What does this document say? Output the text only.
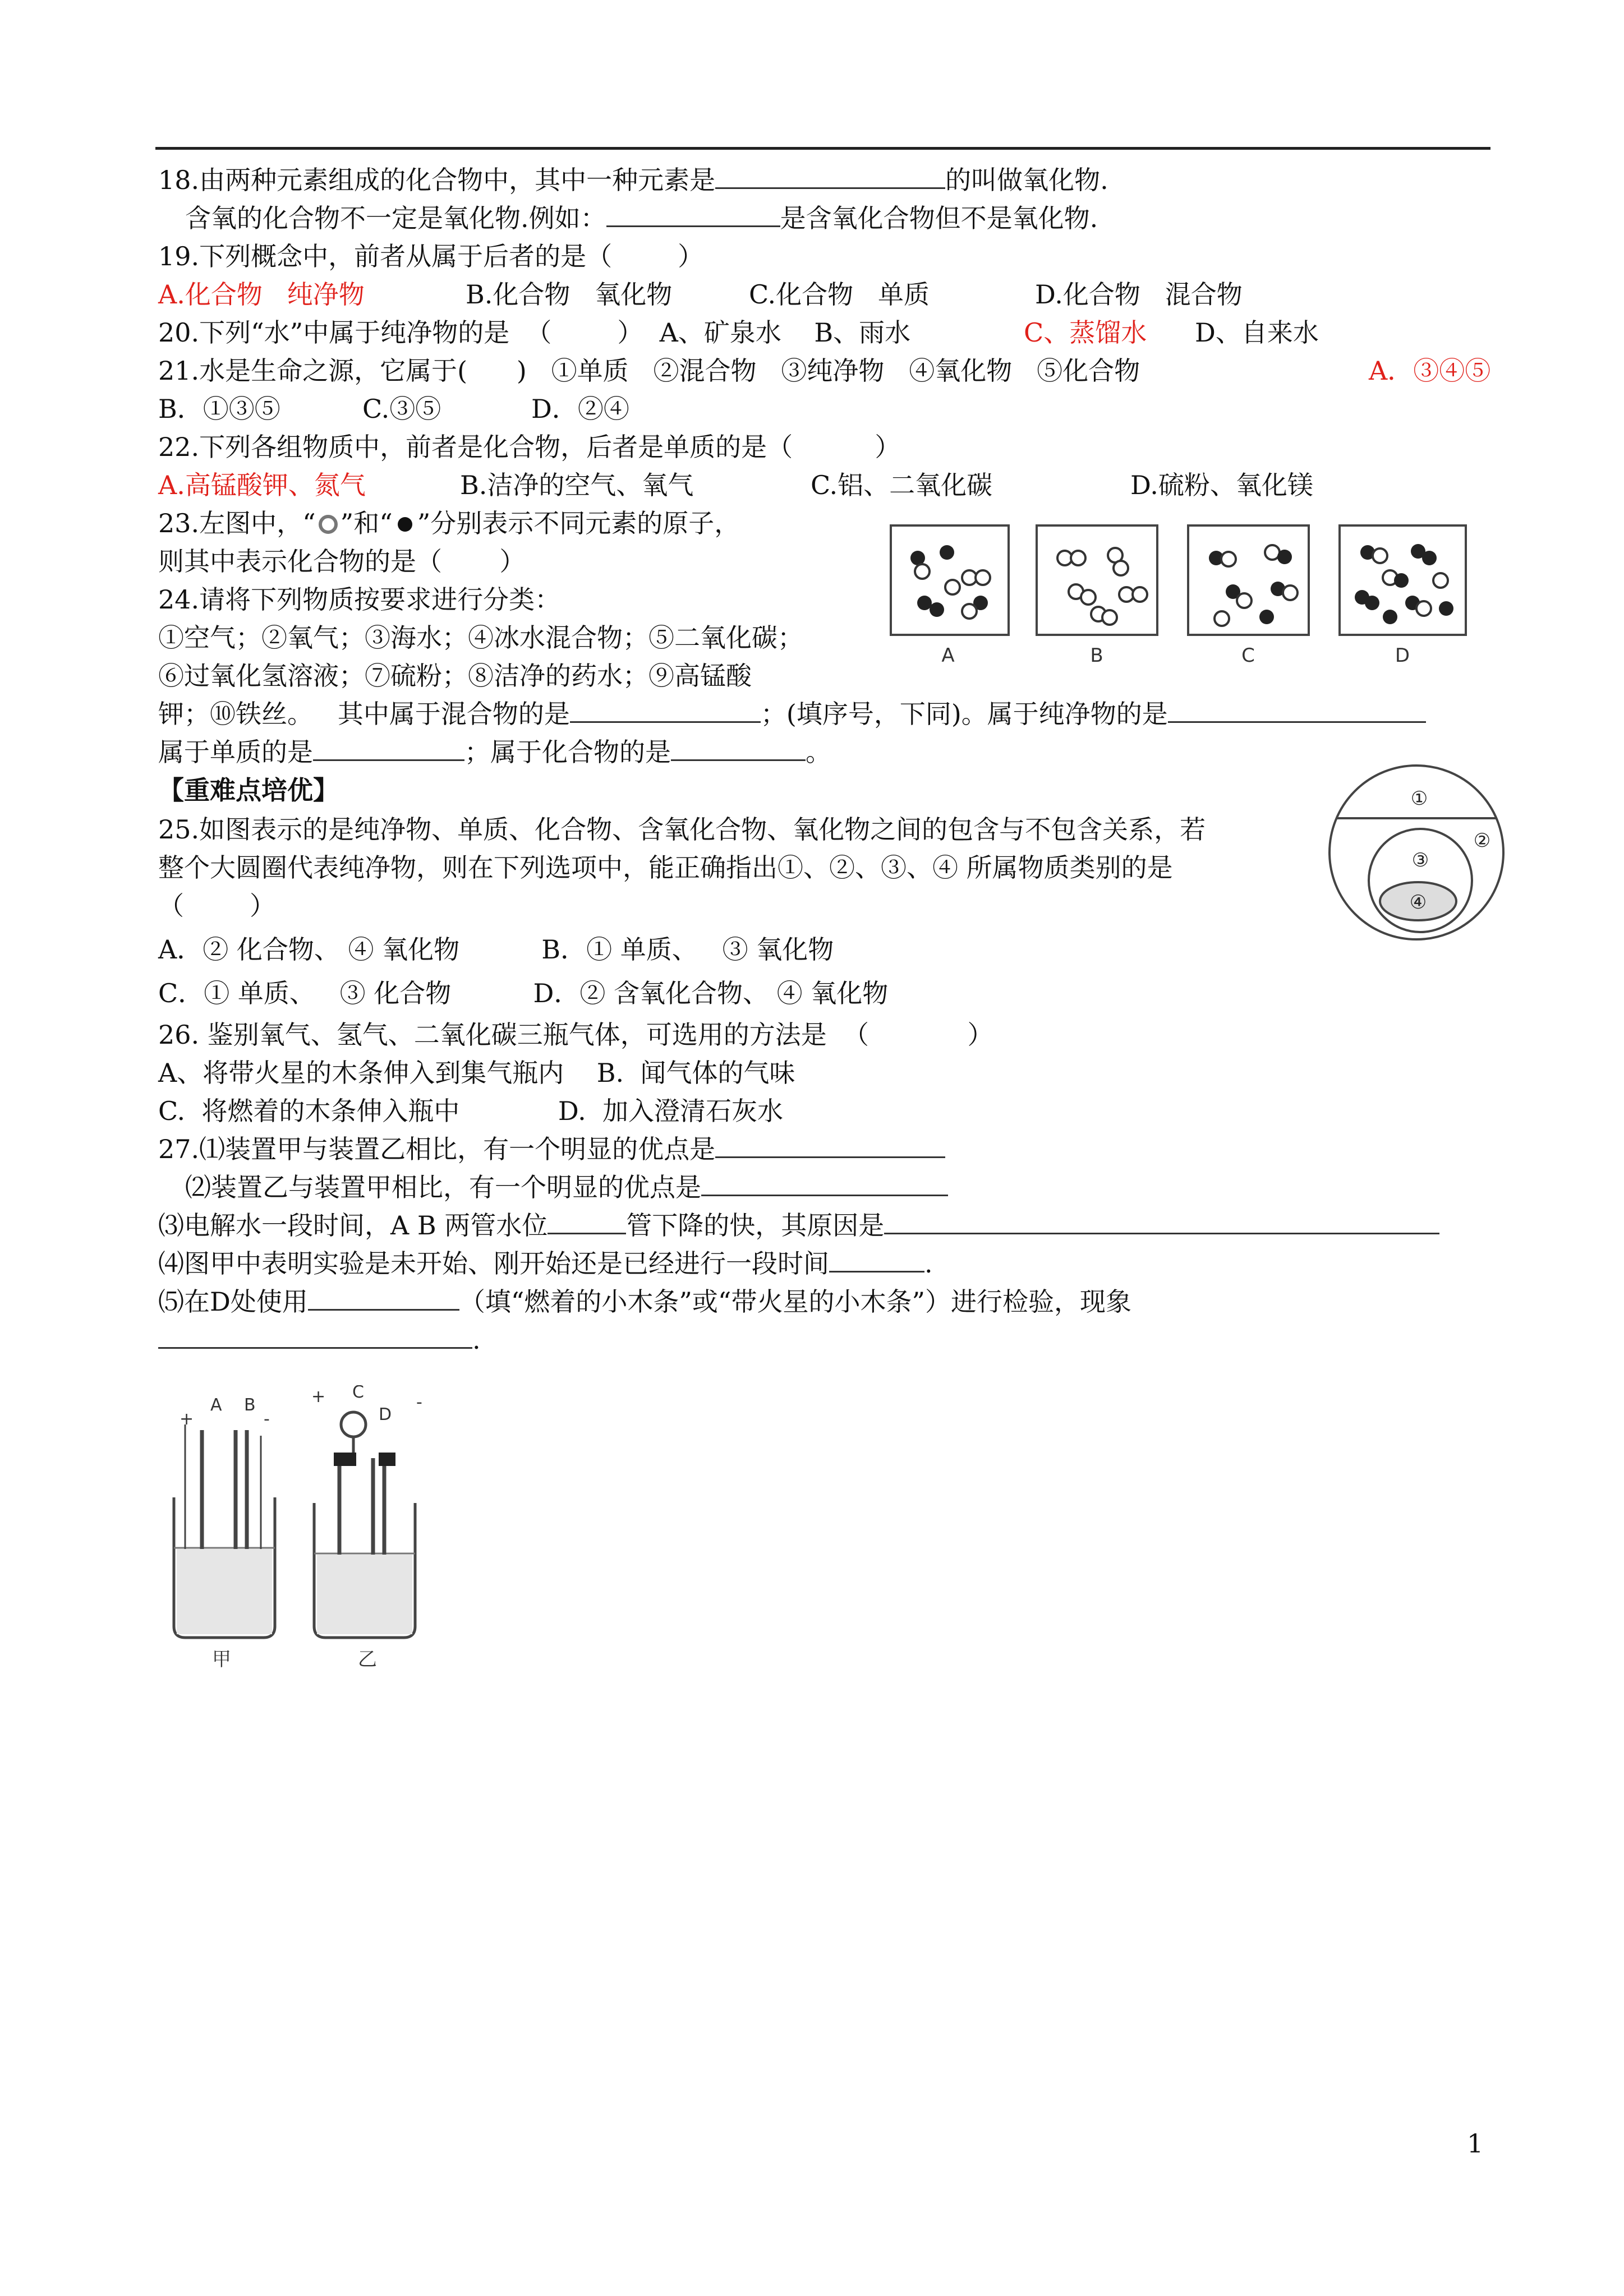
18.由两种元素组成的化合物中，其中一种元素是	的叫做氧化物.
含氧的化合物不一定是氧化物.例如：	是含氧化合物但不是氧化物.
19.下列概念中，前者从属于后者的是（        ）
A.化合物   纯净物	B.化合物   氧化物	C.化合物   单质	D.化合物   混合物
20.下列“水”中属于纯净物的是  （        ）  A、矿泉水    B、雨水	C、蒸馏水 D、自来水
21.水是生命之源，它属于(      )   ①单质   ②混合物   ③纯净物   ④氧化物   ⑤化合物	A．③④⑤
B．①③⑤          C.③⑤           D．②④
22.下列各组物质中，前者是化合物，后者是单质的是（          ）
A.高锰酸钾、氮气	B.洁净的空气、氧气	C.铝、二氧化碳	D.硫粉、氧化镁
23.左图中，“ ”和“ ”分别表示不同元素的原子，
则其中表示化合物的是（       ）
A	B	C	D
24.请将下列物质按要求进行分类：
①空气；②氧气；③海水；④冰水混合物；⑤二氧化碳；
⑥过氧化氢溶液；⑦硫粉；⑧洁净的药水；⑨高锰酸
钾；⑩铁丝。   其中属于混合物的是	；(填序号，下同)。属于纯净物的是
属于单质的是	；属于化合物的是	。
【重难点培优】
25.如图表示的是纯净物、单质、化合物、含氧化合物、氧化物之间的包含与不包含关系，若
整个大圆圈代表纯净物，则在下列选项中，能正确指出①、②、③、④ 所属物质类别的是
（        ）
A．② 化合物、 ④ 氧化物          B．① 单质、   ③ 氧化物
C．① 单质、   ③ 化合物          D．② 含氧化合物、 ④ 氧化物
①
②
③
④
26. 鉴别氧气、氢气、二氧化碳三瓶气体，可选用的方法是  （            ）
A、将带火星的木条伸入到集气瓶内    B.  闻气体的气味
C.  将燃着的木条伸入瓶中            D.  加入澄清石灰水
27.⑴装置甲与装置乙相比，有一个明显的优点是
⑵装置乙与装置甲相比，有一个明显的优点是
⑶电解水一段时间，A B 两管水位	管下降的快，其原因是
⑷图甲中表明实验是未开始、刚开始还是已经进行一段时间	.
⑸在D处使用	（填“燃着的小木条”或“带火星的小木条”）进行检验，现象
.
+
A B
-
+ C
D
-
甲	乙
1
